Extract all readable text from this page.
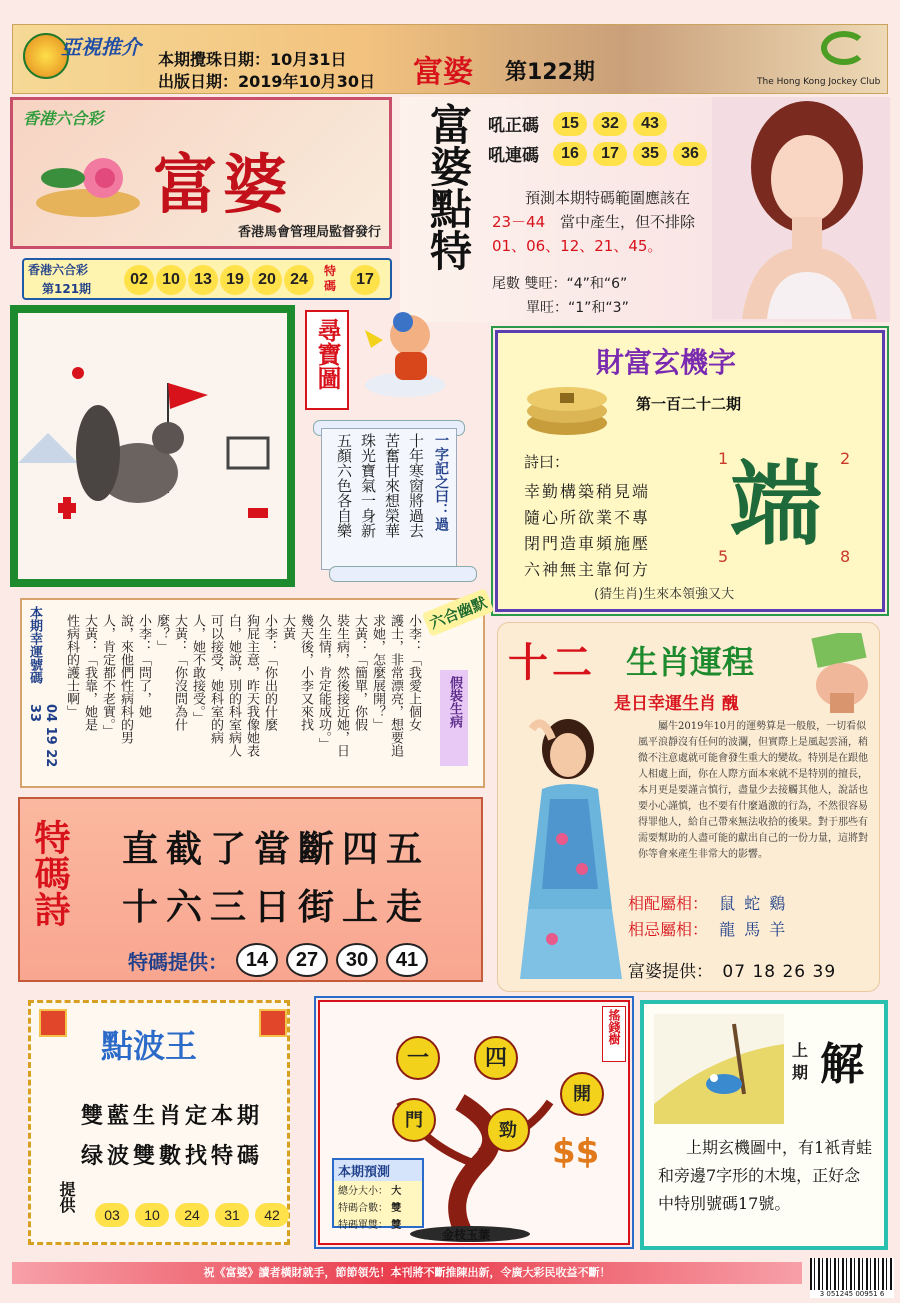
亞視推介
本期攪珠日期：10月31日
出版日期：2019年10月30日 富婆 第122期	The Hong Kong Jockey Club
香港六合彩
富婆
香港馬會管理局監督發行
香港六合彩
第121期
02 10 13 19 20 24	特碼	17
富婆點特 吼正碼	15	32	43
吼連碼	16	17	35	36
預測本期特碼範圍應該在
23－44 當中產生，但不排除
01、06、12、21、45。
尾數 雙旺：“4”和“6”
單旺：“1”和“3”
尋寶圖
一字記之曰：過
十年寒窗將過去
苦奮甘來想榮華
珠光寶氣一身新
五顏六色各自樂
財富玄機字
第一百二十二期
詩曰：
幸勤構築稍見端
隨心所欲業不專
閉門造車頻施壓
六神無主靠何方
1	2
5	8
端
(猜生肖)生來本領強又大
本期幸運號碼
04 19 22 33	小李：「我愛上個女
護士，非常漂亮，想要追
求她，怎麼展開？」
大黃：「簡單，你假
裝生病，然後接近她，日
久生情，肯定能成功。」
幾天後，小李又來找
大黃
小李：「你出的什麼
狗屁主意，昨天我像她表
白，她說，別的科室病人
可以接受，她科室的病
人，她不敢接受。」
大黃：「你沒問為什
麼？」
小李：「問了，她
說，來他們性病科的男
人，肯定都不老實。」
大黃：「我靠，她是
性病科的護士啊」	假裝生病
六合幽默
十二 生肖運程
是日幸運生肖 醜
屬牛2019年10月的運勢算是一般般，一切看似風平浪靜沒有任何的波瀾，但實際上是風起雲涌，稍微不注意處就可能會發生重大的變故。特別是在跟他人相處上面，你在人際方面本來就不是特別的擅長，本月更是要謹言慎行，盡量少去接觸其他人，說話也要小心謹慎，也不要有什麼過激的行為，不然很容易得罪他人，給自己帶來無法收拾的後果。對于那些有需要幫助的人盡可能的獻出自己的一份力量，這將對你等會來產生非常大的影響。
相配屬相： 鼠 蛇 鷄
相忌屬相： 龍 馬 羊
富婆提供： 07 18 26 39
特碼詩 直截了當斷四五
十六三日街上走
特碼提供： 14	27	30	41
點波王
雙藍生肖定本期
绿波雙數找特碼
提供
03	10	24	31	42
搖錢樹
一	四
門	勁
開
$$
本期預測
總分大小： 大
特碼合數： 雙
特碼單雙： 雙
金枝玉葉
上期 解
上期玄機圖中，有1衹青蛙和旁邊7字形的木塊，正好念中特別號碼17號。
祝《富婆》讀者橫財就手，節節領先！本刊將不斷推陳出新，令廣大彩民收益不斷！
3 051245 00951 6
